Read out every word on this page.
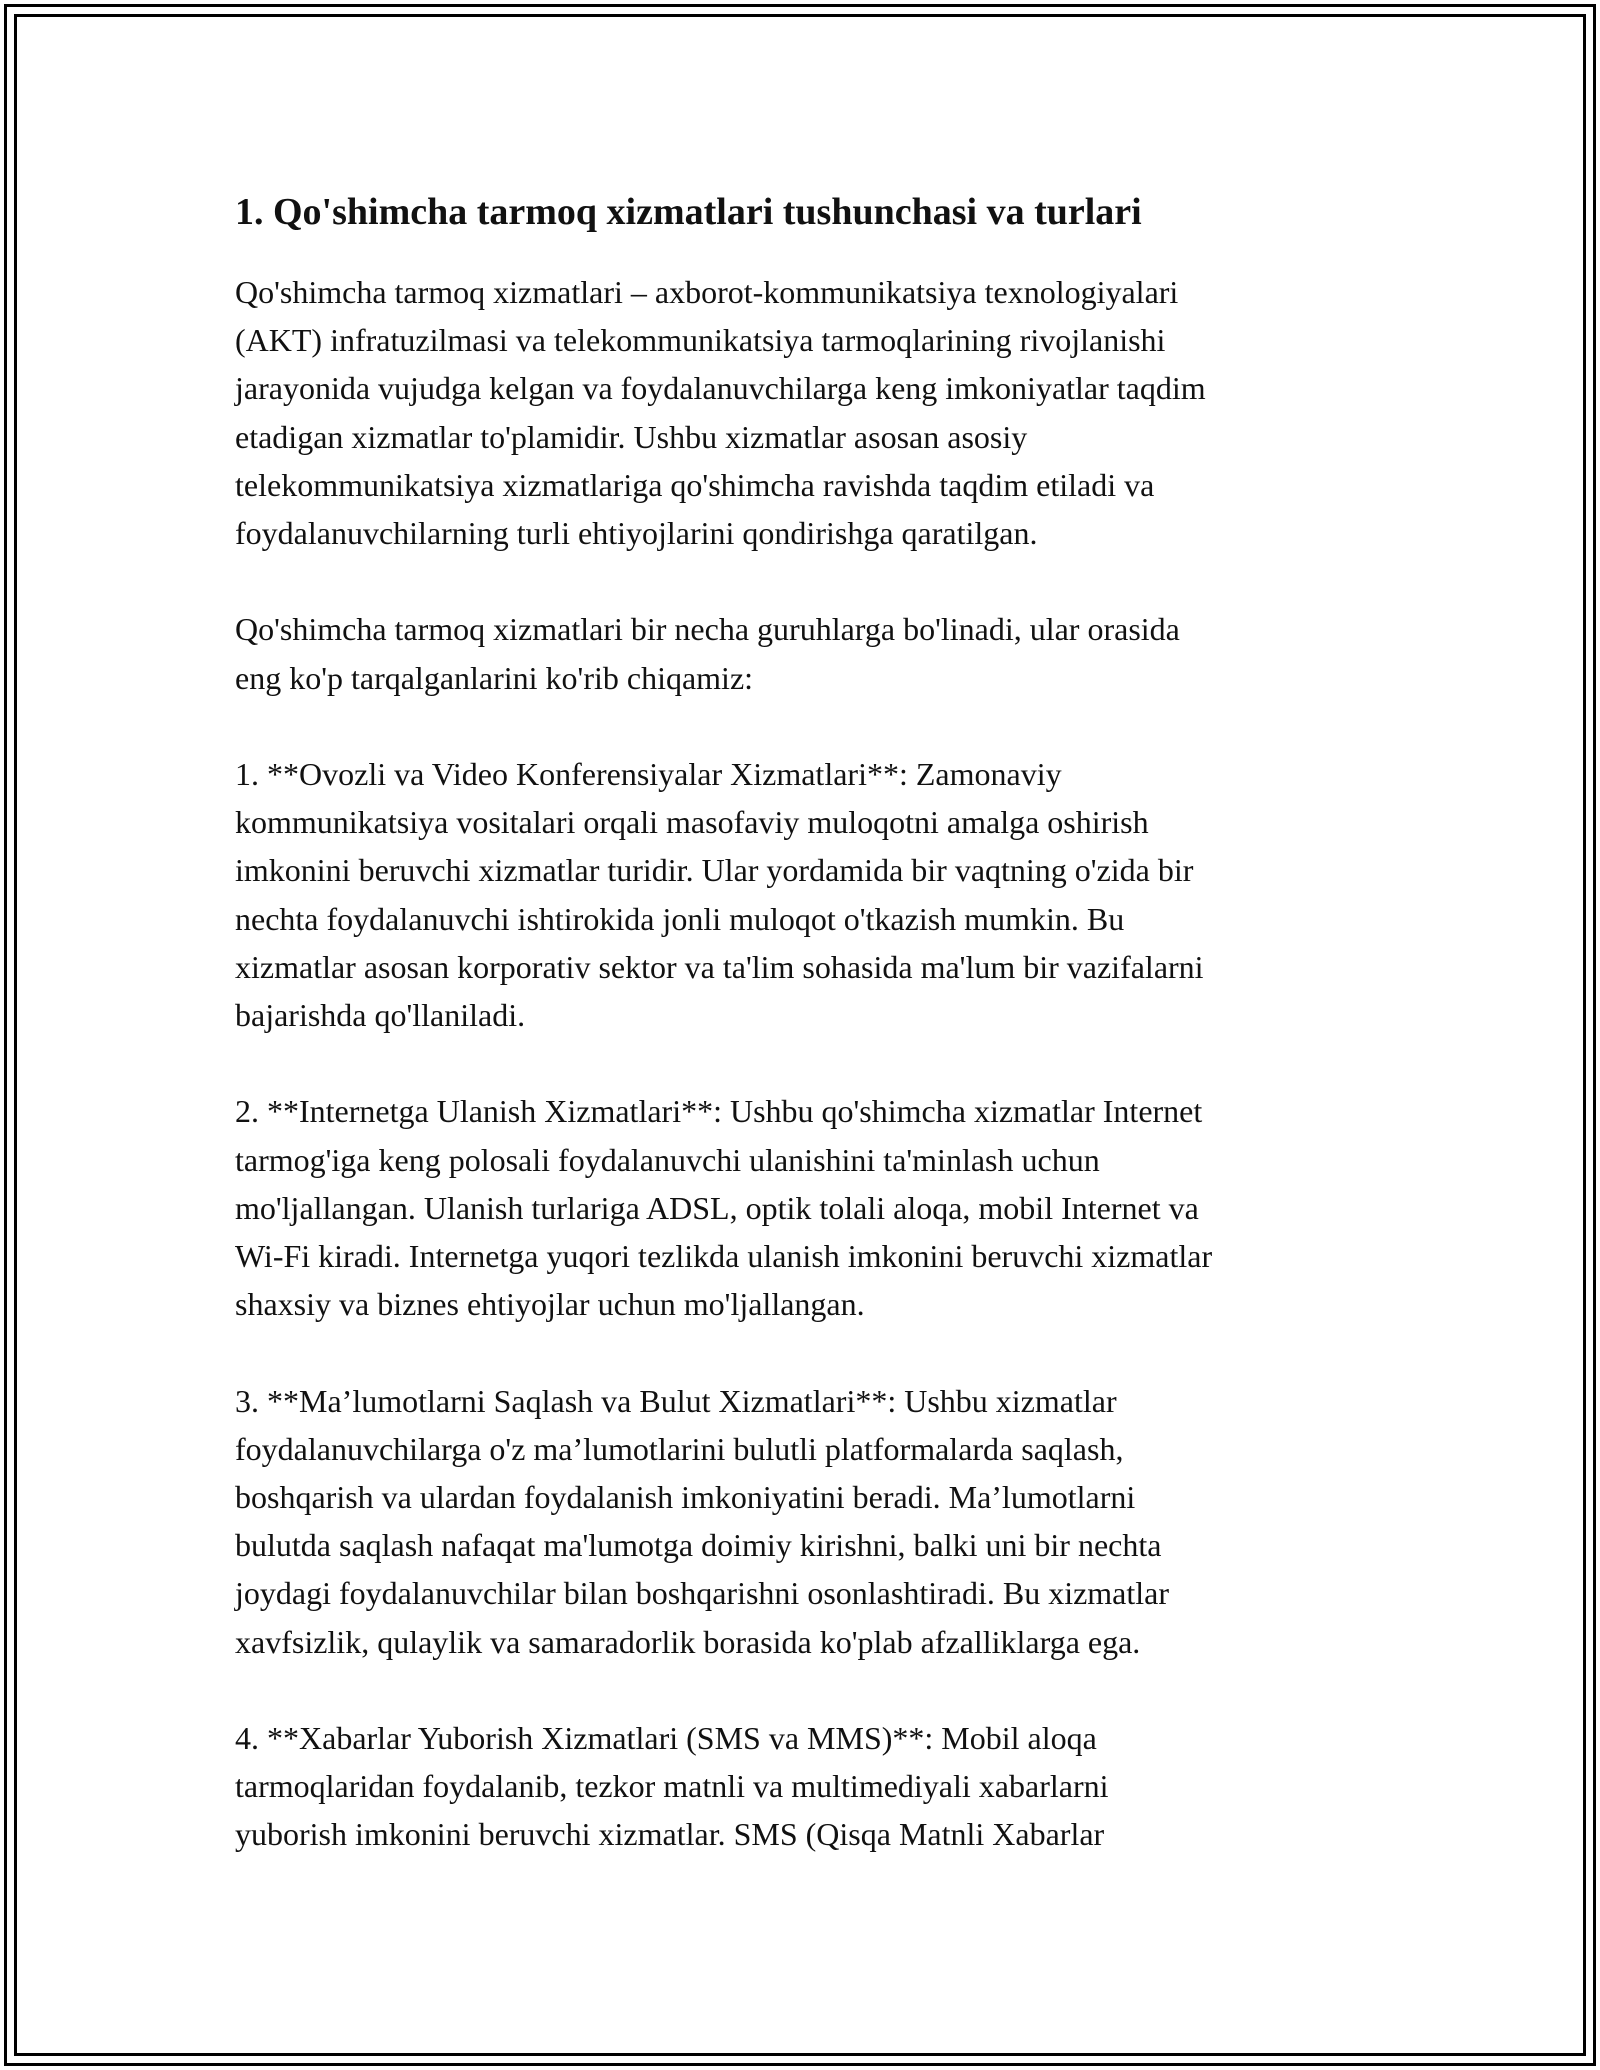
1. Qo'shimcha tarmoq xizmatlari tushunchasi va turlari
Qo'shimcha tarmoq xizmatlari – axborot-kommunikatsiya texnologiyalari
(AKT) infratuzilmasi va telekommunikatsiya tarmoqlarining rivojlanishi
jarayonida vujudga kelgan va foydalanuvchilarga keng imkoniyatlar taqdim
etadigan xizmatlar to'plamidir. Ushbu xizmatlar asosan asosiy
telekommunikatsiya xizmatlariga qo'shimcha ravishda taqdim etiladi va
foydalanuvchilarning turli ehtiyojlarini qondirishga qaratilgan.
Qo'shimcha tarmoq xizmatlari bir necha guruhlarga bo'linadi, ular orasida
eng ko'p tarqalganlarini ko'rib chiqamiz:
1. **Ovozli va Video Konferensiyalar Xizmatlari**: Zamonaviy
kommunikatsiya vositalari orqali masofaviy muloqotni amalga oshirish
imkonini beruvchi xizmatlar turidir. Ular yordamida bir vaqtning o'zida bir
nechta foydalanuvchi ishtirokida jonli muloqot o'tkazish mumkin. Bu
xizmatlar asosan korporativ sektor va ta'lim sohasida ma'lum bir vazifalarni
bajarishda qo'llaniladi.
2. **Internetga Ulanish Xizmatlari**: Ushbu qo'shimcha xizmatlar Internet
tarmog'iga keng polosali foydalanuvchi ulanishini ta'minlash uchun
mo'ljallangan. Ulanish turlariga ADSL, optik tolali aloqa, mobil Internet va
Wi-Fi kiradi. Internetga yuqori tezlikda ulanish imkonini beruvchi xizmatlar
shaxsiy va biznes ehtiyojlar uchun mo'ljallangan.
3. **Ma’lumotlarni Saqlash va Bulut Xizmatlari**: Ushbu xizmatlar
foydalanuvchilarga o'z ma’lumotlarini bulutli platformalarda saqlash,
boshqarish va ulardan foydalanish imkoniyatini beradi. Ma’lumotlarni
bulutda saqlash nafaqat ma'lumotga doimiy kirishni, balki uni bir nechta
joydagi foydalanuvchilar bilan boshqarishni osonlashtiradi. Bu xizmatlar
xavfsizlik, qulaylik va samaradorlik borasida ko'plab afzalliklarga ega.
4. **Xabarlar Yuborish Xizmatlari (SMS va MMS)**: Mobil aloqa
tarmoqlaridan foydalanib, tezkor matnli va multimediyali xabarlarni
yuborish imkonini beruvchi xizmatlar. SMS (Qisqa Matnli Xabarlar
